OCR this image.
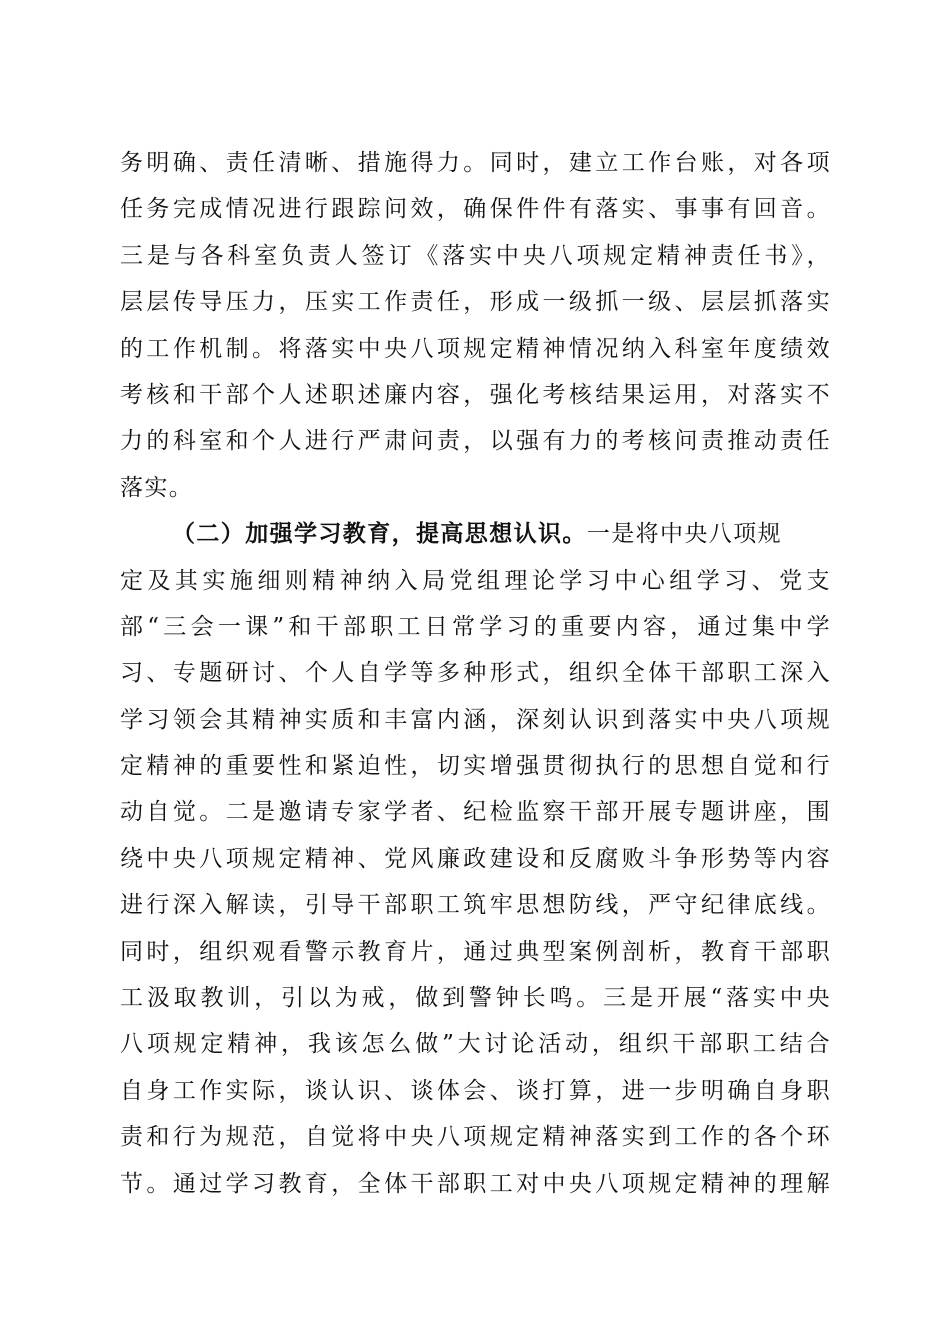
务明确、责任清晰、措施得力。同时，建立工作台账，对各项
任务完成情况进行跟踪问效，确保件件有落实、事事有回音。
三是与各科室负责人签订《落实中央八项规定精神责任书》，
层层传导压力，压实工作责任，形成一级抓一级、层层抓落实
的工作机制。将落实中央八项规定精神情况纳入科室年度绩效
考核和干部个人述职述廉内容，强化考核结果运用，对落实不
力的科室和个人进行严肃问责，以强有力的考核问责推动责任
落实。
（二）加强学习教育，提高思想认识。一是将中央八项规
定及其实施细则精神纳入局党组理论学习中心组学习、党支
部“三会一课”和干部职工日常学习的重要内容，通过集中学
习、专题研讨、个人自学等多种形式，组织全体干部职工深入
学习领会其精神实质和丰富内涵，深刻认识到落实中央八项规
定精神的重要性和紧迫性，切实增强贯彻执行的思想自觉和行
动自觉。二是邀请专家学者、纪检监察干部开展专题讲座，围
绕中央八项规定精神、党风廉政建设和反腐败斗争形势等内容
进行深入解读，引导干部职工筑牢思想防线，严守纪律底线。
同时，组织观看警示教育片，通过典型案例剖析，教育干部职
工汲取教训，引以为戒，做到警钟长鸣。三是开展“落实中央
八项规定精神，我该怎么做”大讨论活动，组织干部职工结合
自身工作实际，谈认识、谈体会、谈打算，进一步明确自身职
责和行为规范，自觉将中央八项规定精神落实到工作的各个环
节。通过学习教育，全体干部职工对中央八项规定精神的理解
